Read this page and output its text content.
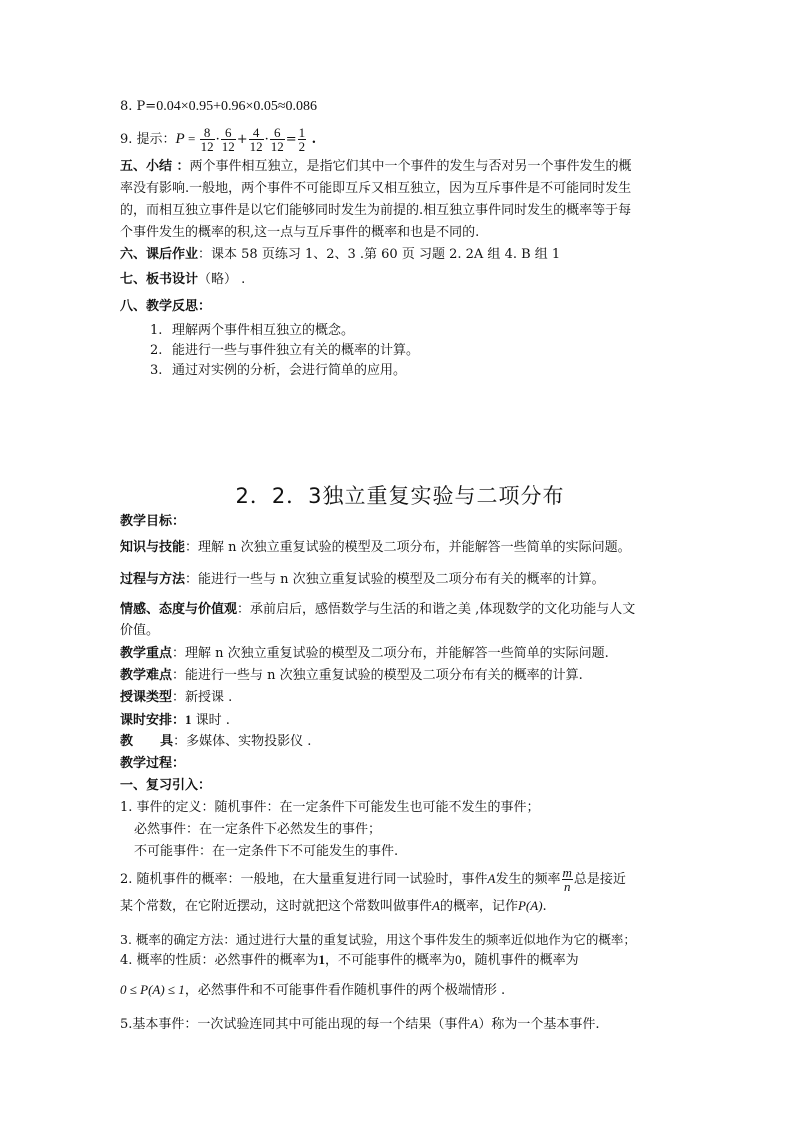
8. P=0.04×0.95+0.96×0.05≈0.086
9. 提示：$P = \frac{8}{12} \cdot \frac{6}{12} + \frac{4}{12} \cdot \frac{6}{12} = \frac{1}{2}$ .
五、小结 ：两个事件相互独立，是指它们其中一个事件的发生与否对另一个事件发生的概
率没有影响.一般地，两个事件不可能即互斥又相互独立，因为互斥事件是不可能同时发生
的，而相互独立事件是以它们能够同时发生为前提的.相互独立事件同时发生的概率等于每
个事件发生的概率的积,这一点与互斥事件的概率和也是不同的.
六、课后作业：课本 58 页练习 1、2、3 .第 60 页 习题 2. 2A 组 4. B 组 1
七、板书设计（略） .
八、教学反思：
1. 理解两个事件相互独立的概念。
2. 能进行一些与事件独立有关的概率的计算。
3. 通过对实例的分析，会进行简单的应用。
2．2．3独立重复实验与二项分布
教学目标：
知识与技能：理解 n 次独立重复试验的模型及二项分布，并能解答一些简单的实际问题。
过程与方法：能进行一些与 n 次独立重复试验的模型及二项分布有关的概率的计算。
情感、态度与价值观：承前启后，感悟数学与生活的和谐之美 ,体现数学的文化功能与人文
价值。
教学重点：理解 n 次独立重复试验的模型及二项分布，并能解答一些简单的实际问题.
教学难点：能进行一些与 n 次独立重复试验的模型及二项分布有关的概率的计算.
授课类型：新授课 .
课时安排：1 课时 .
教      具：多媒体、实物投影仪 .
教学过程：
一、复习引入：
1. 事件的定义：随机事件：在一定条件下可能发生也可能不发生的事件；
必然事件：在一定条件下必然发生的事件；
不可能事件：在一定条件下不可能发生的事件.
2. 随机事件的概率：一般地，在大量重复进行同一试验时，事件A发生的频率 $\frac{m}{n}$ 总是接近
某个常数，在它附近摆动，这时就把这个常数叫做事件A的概率，记作P(A).
3. 概率的确定方法：通过进行大量的重复试验，用这个事件发生的频率近似地作为它的概率；
4. 概率的性质：必然事件的概率为1，不可能事件的概率为0，随机事件的概率为
0 ≤ P(A) ≤ 1，必然事件和不可能事件看作随机事件的两个极端情形 .
5.基本事件：一次试验连同其中可能出现的每一个结果（事件A）称为一个基本事件.
